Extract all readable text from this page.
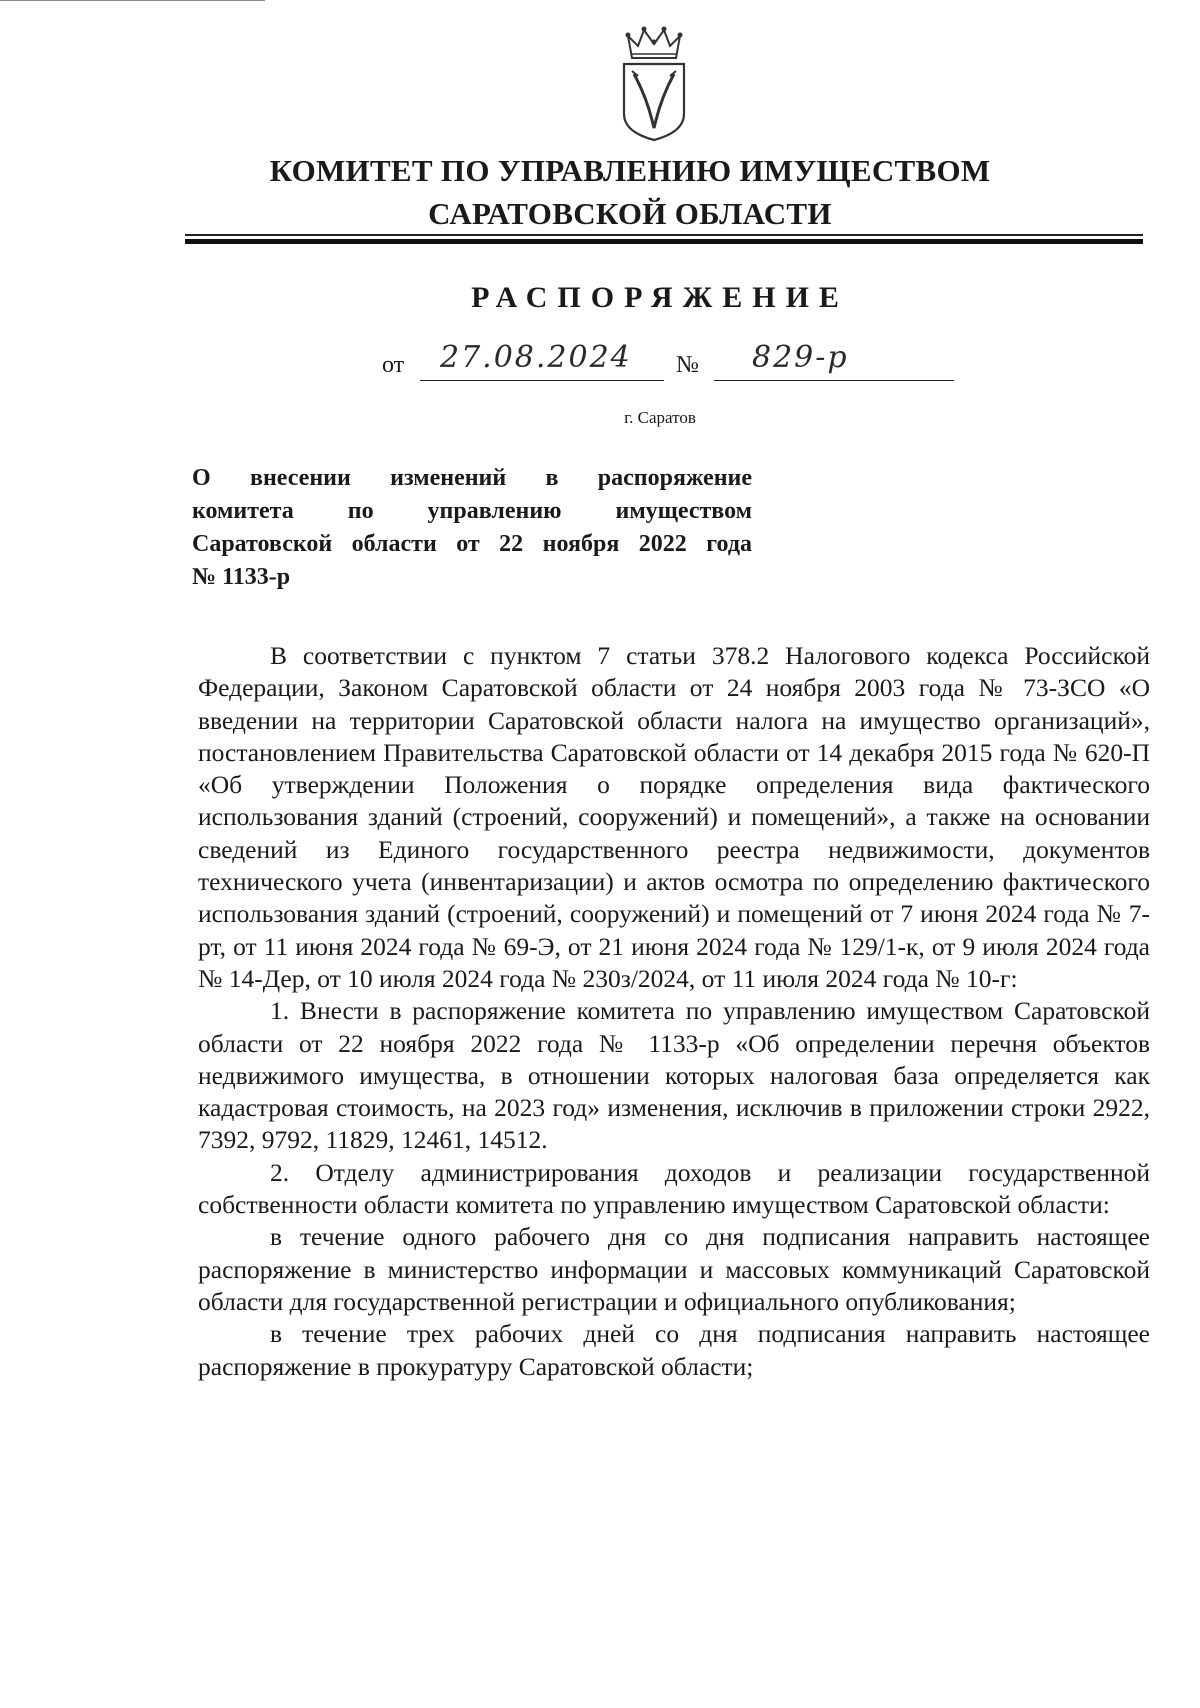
КОМИТЕТ ПО УПРАВЛЕНИЮ ИМУЩЕСТВОМ
САРАТОВСКОЙ ОБЛАСТИ
РАСПОРЯЖЕНИЕ
от 27.08.2024 № 829-р
г. Саратов
О внесении изменений в распоряжение
комитета по управлению имуществом
Саратовской области от 22 ноября 2022 года
№ 1133-р

В соответствии с пунктом 7 статьи 378.2 Налогового кодекса Российской Федерации, Законом Саратовской области от 24 ноября 2003 года № 73-ЗСО «О введении на территории Саратовской области налога на имущество организаций», постановлением Правительства Саратовской области от 14 декабря 2015 года № 620-П «Об утверждении Положения о порядке определения вида фактического использования зданий (строений, сооружений) и помещений», а также на основании сведений из Единого государственного реестра недвижимости, документов технического учета (инвентаризации) и актов осмотра по определению фактического использования зданий (строений, сооружений) и помещений от 7 июня 2024 года № 7-рт, от 11 июня 2024 года № 69-Э, от 21 июня 2024 года № 129/1-к, от 9 июля 2024 года № 14-Дер, от 10 июля 2024 года № 230з/2024, от 11 июля 2024 года № 10-г:

1. Внести в распоряжение комитета по управлению имуществом Саратовской области от 22 ноября 2022 года № 1133-р «Об определении перечня объектов недвижимого имущества, в отношении которых налоговая база определяется как кадастровая стоимость, на 2023 год» изменения, исключив в приложении строки 2922, 7392, 9792, 11829, 12461, 14512.

2. Отделу администрирования доходов и реализации государственной собственности области комитета по управлению имуществом Саратовской области:

в течение одного рабочего дня со дня подписания направить настоящее распоряжение в министерство информации и массовых коммуникаций Саратовской области для государственной регистрации и официального опубликования;

в течение трех рабочих дней со дня подписания направить настоящее распоряжение в прокуратуру Саратовской области;
